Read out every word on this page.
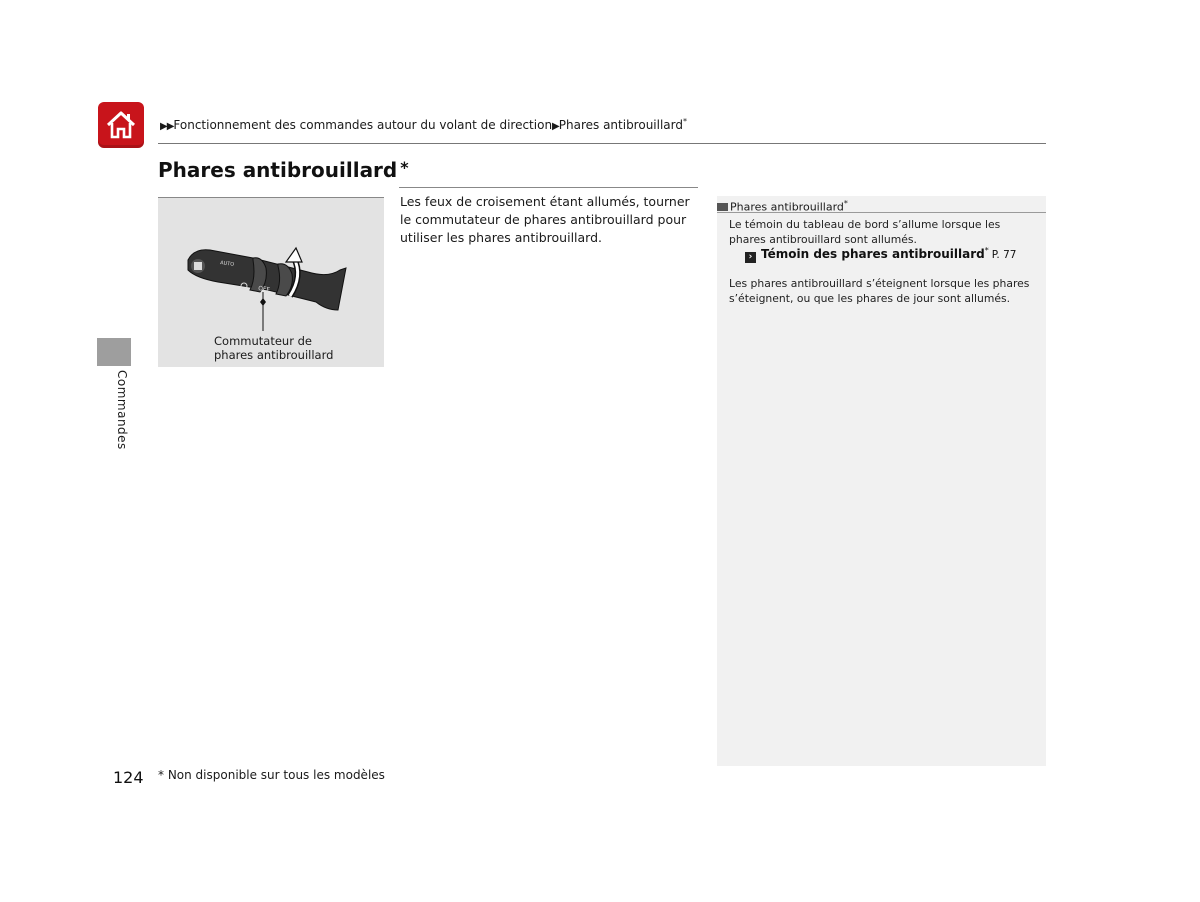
▶▶Fonctionnement des commandes autour du volant de direction▶Phares antibrouillard*
Phares antibrouillard *
Commandes
AUTO
OFF
Commutateur de
phares antibrouillard
Les feux de croisement étant allumés, tourner le commutateur de phares antibrouillard pour utiliser les phares antibrouillard.
Phares antibrouillard*
Le témoin du tableau de bord s’allume lorsque les phares antibrouillard sont allumés.
› Témoin des phares antibrouillard* P. 77
Les phares antibrouillard s’éteignent lorsque les phares s’éteignent, ou que les phares de jour sont allumés.
124 * Non disponible sur tous les modèles
